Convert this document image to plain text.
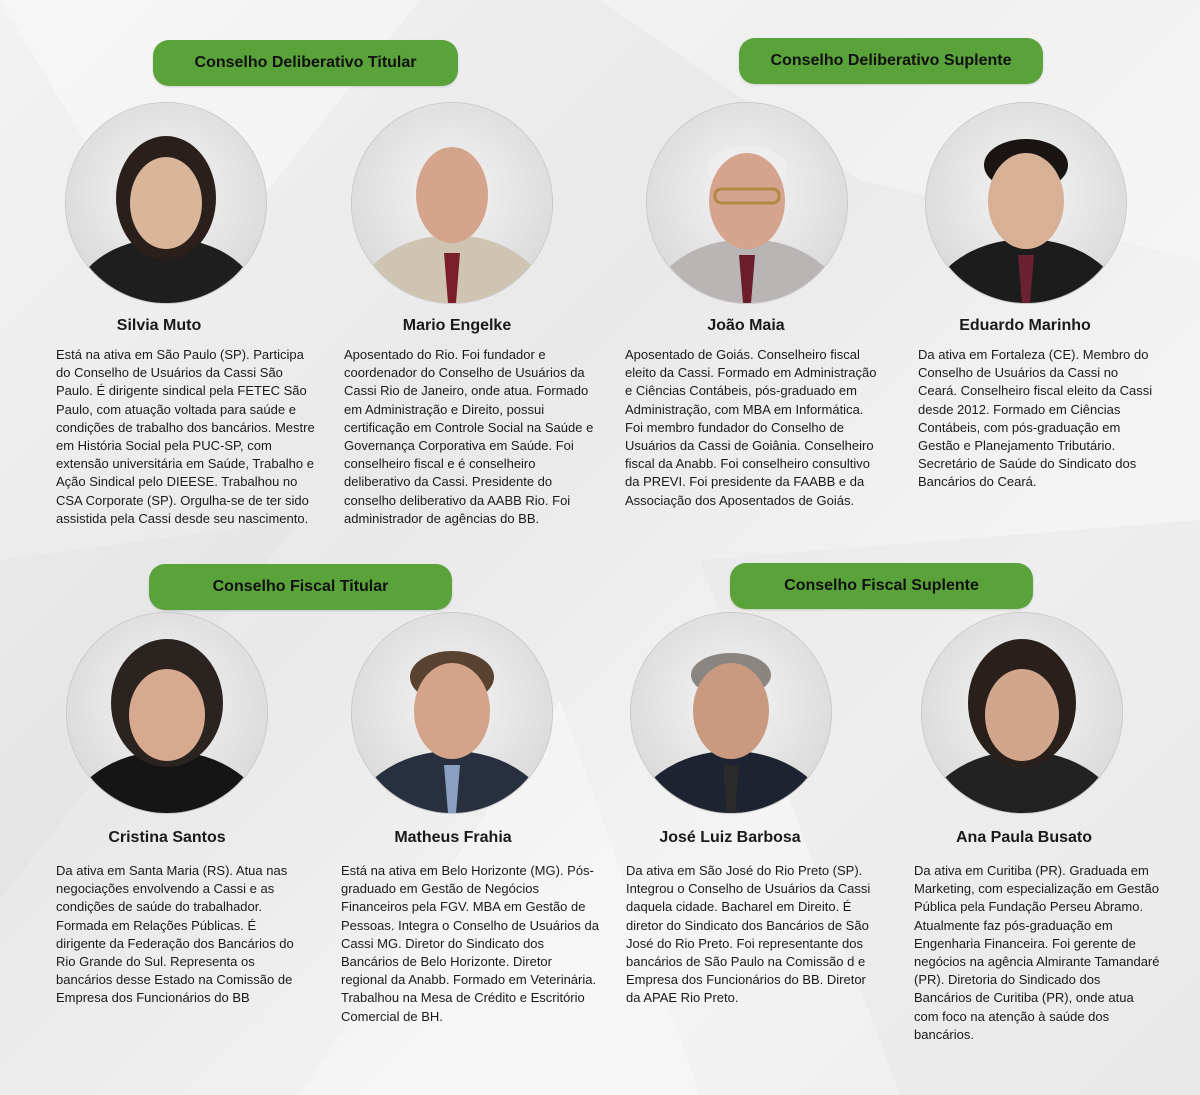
Conselho Deliberativo Titular	Conselho Deliberativo Suplente
Conselho Fiscal Titular	Conselho Fiscal Suplente
Silvia Muto	Mario Engelke	João Maia	Eduardo Marinho
Cristina Santos	Matheus Frahia	José Luiz Barbosa	Ana Paula Busato
Está na ativa em São Paulo (SP). Participa do Conselho de Usuários da Cassi São Paulo. É dirigente sindical pela FETEC São Paulo, com atuação voltada para saúde e condições de trabalho dos bancários. Mestre em História Social pela PUC-SP, com extensão universitária em Saúde, Trabalho e Ação Sindical pelo DIEESE. Trabalhou no CSA Corporate (SP). Orgulha-se de ter sido assistida pela Cassi desde seu nascimento.
Aposentado do Rio. Foi fundador e coordenador do Conselho de Usuários da Cassi Rio de Janeiro, onde atua. Formado em Administração e Direito, possui certificação em Controle Social na Saúde e Governança Corporativa em Saúde. Foi conselheiro fiscal e é conselheiro deliberativo da Cassi. Presidente do conselho deliberativo da AABB Rio. Foi administrador de agências do BB.
Aposentado de Goiás. Conselheiro fiscal eleito da Cassi. Formado em Administração e Ciências Contábeis, pós-graduado em Administração, com MBA em Informática. Foi membro fundador do Conselho de Usuários da Cassi de Goiânia. Conselheiro fiscal da Anabb. Foi conselheiro consultivo da PREVI. Foi presidente da FAABB e da Associação dos Aposentados de Goiás.
Da ativa em Fortaleza (CE). Membro do Conselho de Usuários da Cassi no Ceará. Conselheiro fiscal eleito da Cassi desde 2012. Formado em Ciências Contábeis, com pós-graduação em Gestão e Planejamento Tributário. Secretário de Saúde do Sindicato dos Bancários do Ceará.
Da ativa em Santa Maria (RS). Atua nas negociações envolvendo a Cassi e as condições de saúde do trabalhador. Formada em Relações Públicas. É dirigente da Federação dos Bancários do Rio Grande do Sul. Representa os bancários desse Estado na Comissão de Empresa dos Funcionários do BB
Está na ativa em Belo Horizonte (MG). Pós-graduado em Gestão de Negócios Financeiros pela FGV. MBA em Gestão de Pessoas. Integra o Conselho de Usuários da Cassi MG. Diretor do Sindicato dos Bancários de Belo Horizonte. Diretor regional da Anabb. Formado em Veterinária. Trabalhou na Mesa de Crédito e Escritório Comercial de BH.
Da ativa em São José do Rio Preto (SP). Integrou o Conselho de Usuários da Cassi daquela cidade. Bacharel em Direito. É diretor do Sindicato dos Bancários de São José do Rio Preto. Foi representante dos bancários de São Paulo na Comissão d e Empresa dos Funcionários do BB. Diretor da APAE Rio Preto.
Da ativa em Curitiba (PR). Graduada em Marketing, com especialização em Gestão Pública pela Fundação Perseu Abramo. Atualmente faz pós-graduação em Engenharia Financeira. Foi gerente de negócios na agência Almirante Tamandaré (PR). Diretoria do Sindicado dos Bancários de Curitiba (PR), onde atua com foco na atenção à saúde dos bancários.
